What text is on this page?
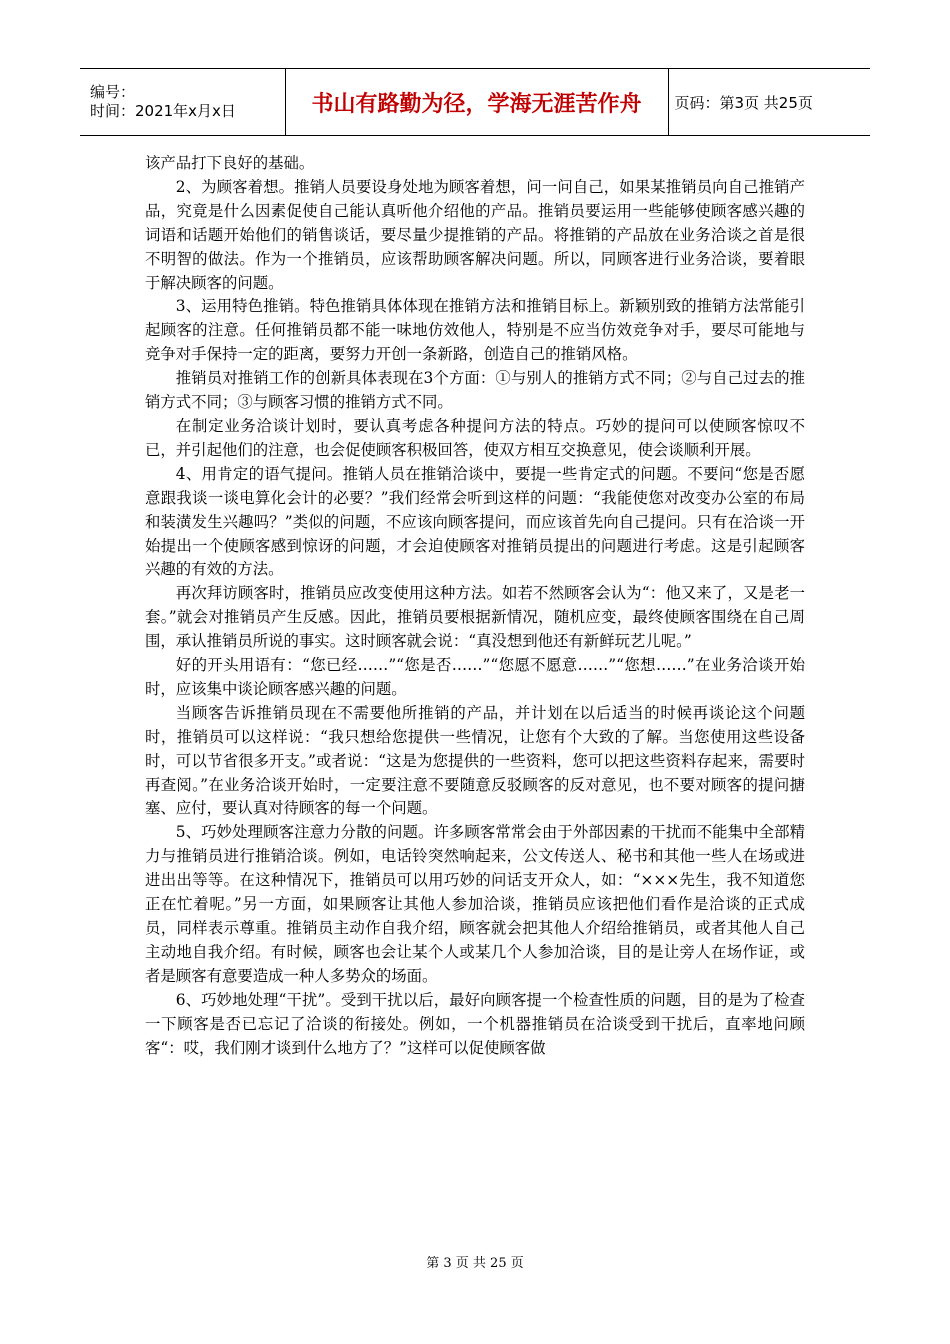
编号：
时间：2021年x月x日	书山有路勤为径，学海无涯苦作舟	页码：第3页 共25页

该产品打下良好的基础。

2、为顾客着想。推销人员要设身处地为顾客着想，问一问自己，如果某推销员向自己推销产品，究竟是什么因素促使自己能认真听他介绍他的产品。推销员要运用一些能够使顾客感兴趣的词语和话题开始他们的销售谈话，要尽量少提推销的产品。将推销的产品放在业务洽谈之首是很不明智的做法。作为一个推销员，应该帮助顾客解决问题。所以，同顾客进行业务洽谈，要着眼于解决顾客的问题。

3、运用特色推销。特色推销具体体现在推销方法和推销目标上。新颖别致的推销方法常能引起顾客的注意。任何推销员都不能一味地仿效他人，特别是不应当仿效竞争对手，要尽可能地与竞争对手保持一定的距离，要努力开创一条新路，创造自己的推销风格。

推销员对推销工作的创新具体表现在3个方面：①与别人的推销方式不同；②与自己过去的推销方式不同；③与顾客习惯的推销方式不同。

在制定业务洽谈计划时，要认真考虑各种提问方法的特点。巧妙的提问可以使顾客惊叹不已，并引起他们的注意，也会促使顾客积极回答，使双方相互交换意见，使会谈顺利开展。

4、用肯定的语气提问。推销人员在推销洽谈中，要提一些肯定式的问题。不要问“您是否愿意跟我谈一谈电算化会计的必要？”我们经常会听到这样的问题：“我能使您对改变办公室的布局和装潢发生兴趣吗？”类似的问题，不应该向顾客提问，而应该首先向自己提问。只有在洽谈一开始提出一个使顾客感到惊讶的问题，才会迫使顾客对推销员提出的问题进行考虑。这是引起顾客兴趣的有效的方法。

再次拜访顾客时，推销员应改变使用这种方法。如若不然顾客会认为“：他又来了，又是老一套。”就会对推销员产生反感。因此，推销员要根据新情况，随机应变，最终使顾客围绕在自己周围，承认推销员所说的事实。这时顾客就会说：“真没想到他还有新鲜玩艺儿呢。”

好的开头用语有：“您已经……”“您是否……”“您愿不愿意……”“您想……”在业务洽谈开始时，应该集中谈论顾客感兴趣的问题。

当顾客告诉推销员现在不需要他所推销的产品，并计划在以后适当的时候再谈论这个问题时，推销员可以这样说：“我只想给您提供一些情况，让您有个大致的了解。当您使用这些设备时，可以节省很多开支。”或者说：“这是为您提供的一些资料，您可以把这些资料存起来，需要时再查阅。”在业务洽谈开始时，一定要注意不要随意反驳顾客的反对意见，也不要对顾客的提问搪塞、应付，要认真对待顾客的每一个问题。

5、巧妙处理顾客注意力分散的问题。许多顾客常常会由于外部因素的干扰而不能集中全部精力与推销员进行推销洽谈。例如，电话铃突然响起来，公文传送人、秘书和其他一些人在场或进进出出等等。在这种情况下，推销员可以用巧妙的问话支开众人，如：“×××先生，我不知道您正在忙着呢。”另一方面，如果顾客让其他人参加洽谈，推销员应该把他们看作是洽谈的正式成员，同样表示尊重。推销员主动作自我介绍，顾客就会把其他人介绍给推销员，或者其他人自己主动地自我介绍。有时候，顾客也会让某个人或某几个人参加洽谈，目的是让旁人在场作证，或者是顾客有意要造成一种人多势众的场面。

6、巧妙地处理“干扰”。受到干扰以后，最好向顾客提一个检查性质的问题，目的是为了检查一下顾客是否已忘记了洽谈的衔接处。例如，一个机器推销员在洽谈受到干扰后，直率地问顾客“：哎，我们刚才谈到什么地方了？”这样可以促使顾客做

第 3 页 共 25 页
